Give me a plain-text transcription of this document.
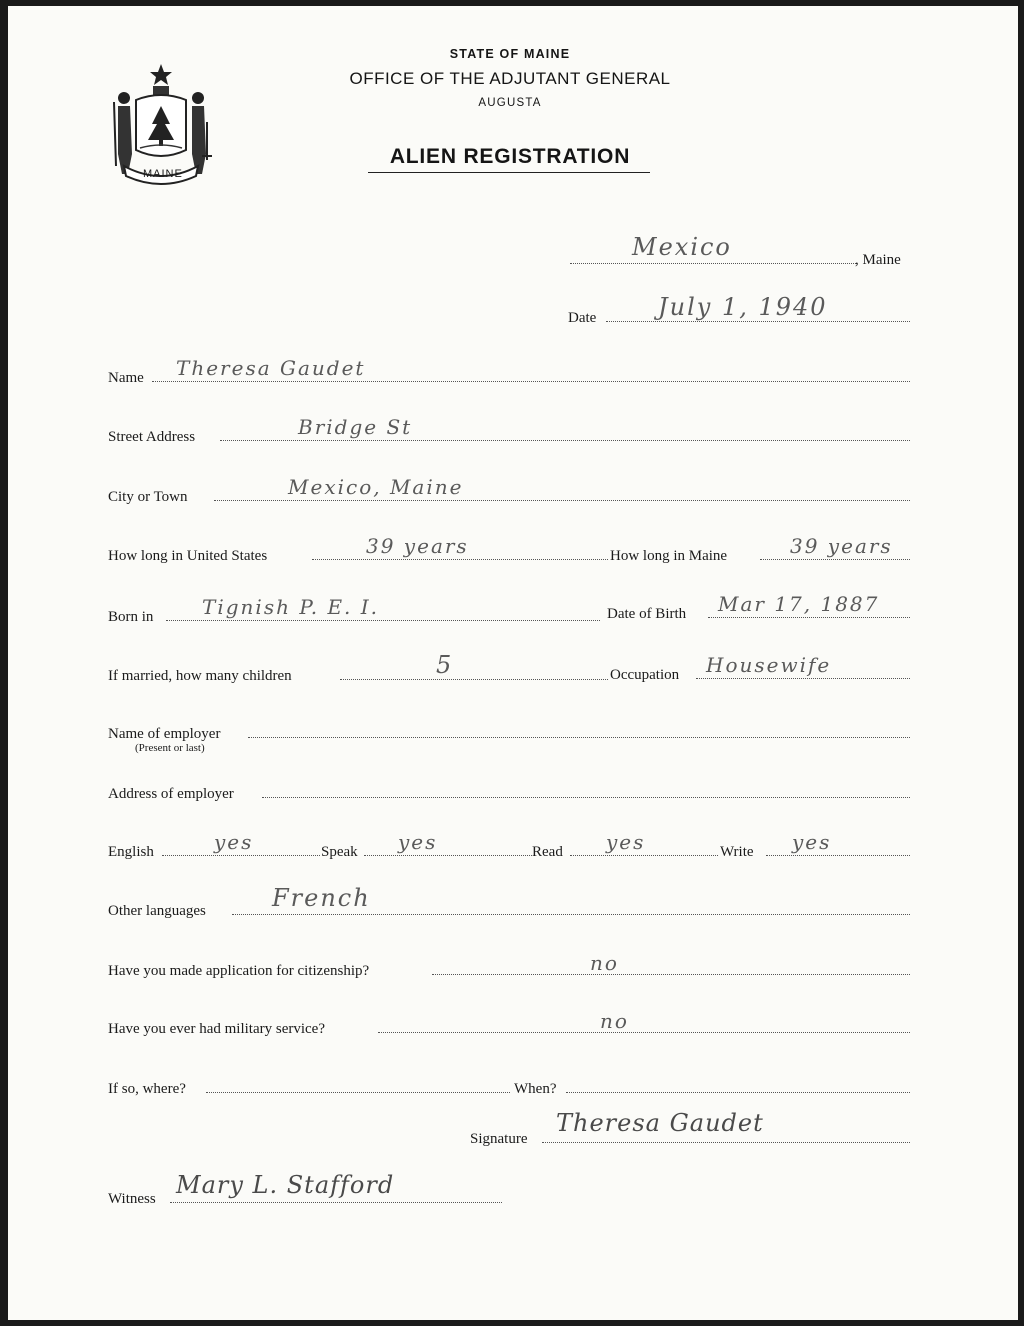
MAINE
STATE OF MAINE
OFFICE OF THE ADJUTANT GENERAL
AUGUSTA
ALIEN REGISTRATION
Mexico	, Maine
Date	July 1, 1940
Name Theresa Gaudet
Street Address	Bridge St
City or Town	Mexico, Maine
How long in United States	39 years	How long in Maine	39 years
Born in Tignish P. E. I.	Date of Birth Mar 17, 1887
If married, how many children	5	Occupation Housewife
Name of employer
(Present or last)
Address of employer
English	yes	Speak yes	Read yes	Write yes
Other languages	French
Have you made application for citizenship?	no
Have you ever had military service?	no
If so, where?	When?
Signature
Theresa Gaudet
Witness Mary L. Stafford
